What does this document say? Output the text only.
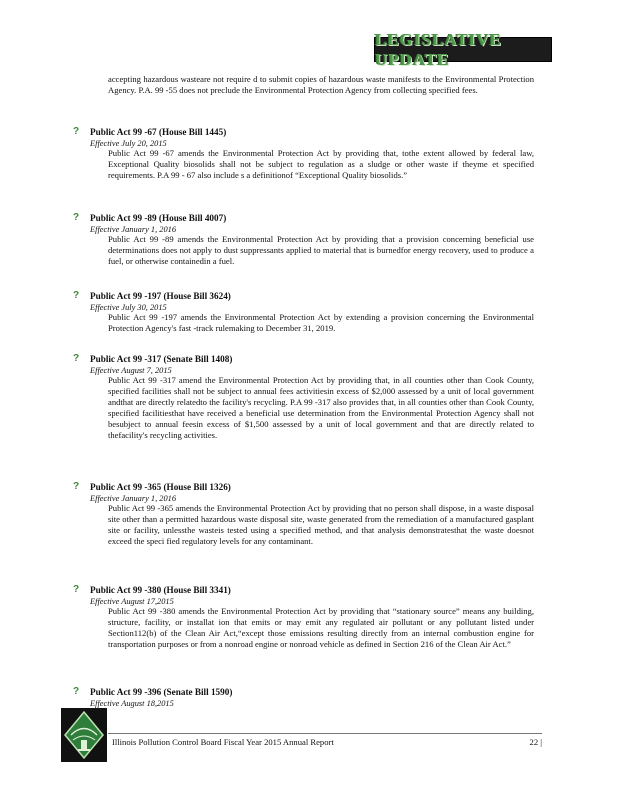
LEGISLATIVE UPDATE
accepting hazardous wasteare not require d to submit copies of hazardous waste manifests to the Environmental Protection Agency. P.A. 99 -55 does not preclude the Environmental Protection Agency from collecting specified fees.
?	Public Act 99 -67 (House Bill 1445)
Effective July 20, 2015
Public Act 99 -67 amends the Environmental Protection Act by providing that, tothe extent allowed by federal law, Exceptional Quality biosolids shall not be subject to regulation as a sludge or other waste if theyme et specified requirements. P.A 99 - 67 also include s a definitionof “Exceptional Quality biosolids.”
?	Public Act 99 -89 (House Bill 4007)
Effective January 1, 2016
Public Act 99 -89 amends the Environmental Protection Act by providing that a provision concerning beneficial use determinations does not apply to dust suppressants applied to material that is burnedfor energy recovery, used to produce a fuel, or otherwise containedin a fuel.
?	Public Act 99 -197 (House Bill 3624)
Effective July 30, 2015
Public Act 99 -197 amends the Environmental Protection Act by extending a provision concerning the Environmental Protection Agency's fast -track rulemaking to December 31, 2019.
?	Public Act 99 -317 (Senate Bill 1408)
Effective August 7, 2015
Public Act 99 -317 amend the Environmental Protection Act by providing that, in all counties other than Cook County, specified facilities shall not be subject to annual fees activitiesin excess of $2,000 assessed by a unit of local government andthat are directly relatedto the facility's recycling. P.A 99 -317 also provides that, in all counties other than Cook County, specified facilitiesthat have received a beneficial use determination from the Environmental Protection Agency shall not besubject to annual feesin excess of $1,500 assessed by a unit of local government and that are directly related to thefacility's recycling activities.
?	Public Act 99 -365 (House Bill 1326)
Effective January 1, 2016
Public Act 99 -365 amends the Environmental Protection Act by providing that no person shall dispose, in a waste disposal site other than a permitted hazardous waste disposal site, waste generated from the remediation of a manufactured gasplant site or facility, unlessthe wasteis tested using a specified method, and that analysis demonstratesthat the waste doesnot exceed the speci fied regulatory levels for any contaminant.
?	Public Act 99 -380 (House Bill 3341)
Effective August 17,2015
Public Act 99 -380 amends the Environmental Protection Act by providing that “stationary source” means any building, structure, facility, or installat ion that emits or may emit any regulated air pollutant or any pollutant listed under Section112(b) of the Clean Air Act,“except those emissions resulting directly from an internal combustion engine for transportation purposes or from a nonroad engine or nonroad vehicle as defined in Section 216 of the Clean Air Act.”
?	Public Act 99 -396 (Senate Bill 1590)
Effective August 18,2015
Illinois Pollution Control Board Fiscal Year 2015 Annual Report	22 |
